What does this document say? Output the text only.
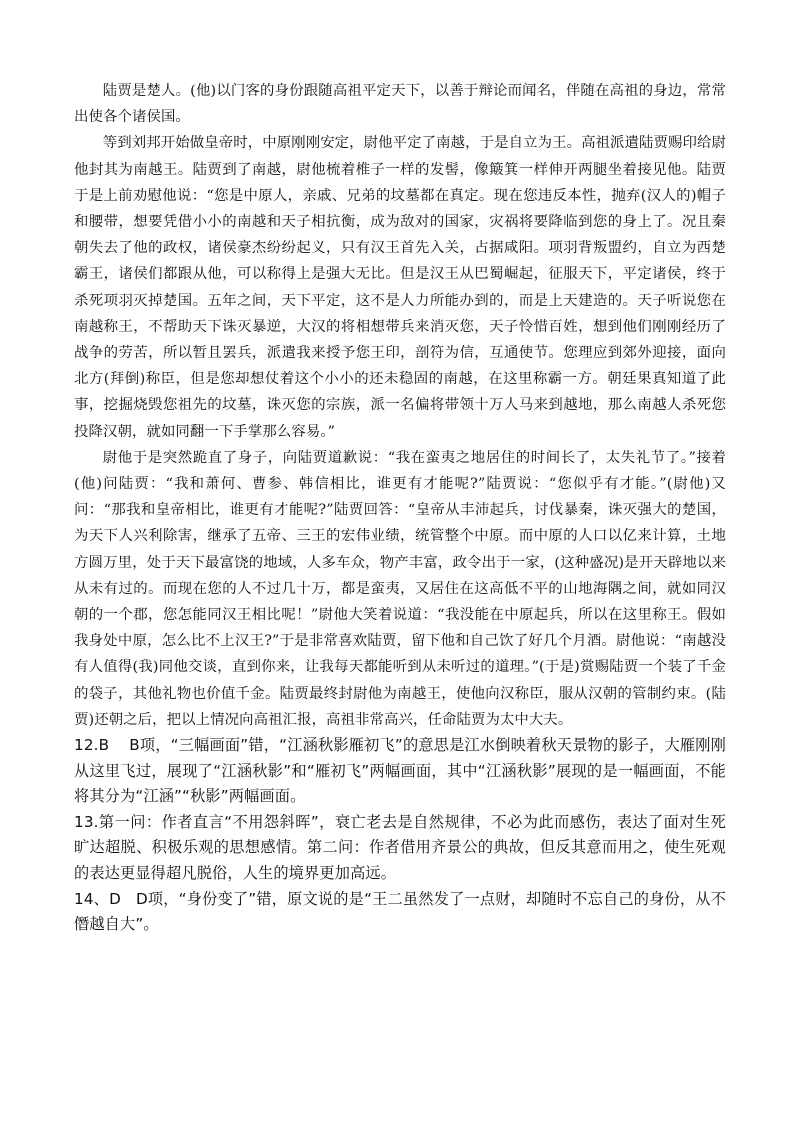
陆贾是楚人。(他)以门客的身份跟随高祖平定天下，以善于辩论而闻名，伴随在高祖的身边，常常出使各个诸侯国。

等到刘邦开始做皇帝时，中原刚刚安定，尉他平定了南越，于是自立为王。高祖派遣陆贾赐印给尉他封其为南越王。陆贾到了南越，尉他梳着椎子一样的发髻，像簸箕一样伸开两腿坐着接见他。陆贾于是上前劝慰他说：“您是中原人，亲戚、兄弟的坟墓都在真定。现在您违反本性，抛弃(汉人的)帽子和腰带，想要凭借小小的南越和天子相抗衡，成为敌对的国家，灾祸将要降临到您的身上了。况且秦朝失去了他的政权，诸侯豪杰纷纷起义，只有汉王首先入关，占据咸阳。项羽背叛盟约，自立为西楚霸王，诸侯们都跟从他，可以称得上是强大无比。但是汉王从巴蜀崛起，征服天下，平定诸侯，终于杀死项羽灭掉楚国。五年之间，天下平定，这不是人力所能办到的，而是上天建造的。天子听说您在南越称王，不帮助天下诛灭暴逆，大汉的将相想带兵来消灭您，天子怜惜百姓，想到他们刚刚经历了战争的劳苦，所以暂且罢兵，派遣我来授予您王印，剖符为信，互通使节。您理应到郊外迎接，面向北方(拜倒)称臣，但是您却想仗着这个小小的还未稳固的南越，在这里称霸一方。朝廷果真知道了此事，挖掘烧毁您祖先的坟墓，诛灭您的宗族，派一名偏将带领十万人马来到越地，那么南越人杀死您投降汉朝，就如同翻一下手掌那么容易。”

尉他于是突然跪直了身子，向陆贾道歉说：“我在蛮夷之地居住的时间长了，太失礼节了。”接着(他)问陆贾：“我和萧何、曹参、韩信相比，谁更有才能呢?”陆贾说：“您似乎有才能。”(尉他)又问：“那我和皇帝相比，谁更有才能呢?”陆贾回答：“皇帝从丰沛起兵，讨伐暴秦，诛灭强大的楚国，为天下人兴利除害，继承了五帝、三王的宏伟业绩，统管整个中原。而中原的人口以亿来计算，土地方圆万里，处于天下最富饶的地域，人多车众，物产丰富，政令出于一家，(这种盛况)是开天辟地以来从未有过的。而现在您的人不过几十万，都是蛮夷，又居住在这高低不平的山地海隅之间，就如同汉朝的一个郡，您怎能同汉王相比呢！”尉他大笑着说道：“我没能在中原起兵，所以在这里称王。假如我身处中原，怎么比不上汉王?”于是非常喜欢陆贾，留下他和自己饮了好几个月酒。尉他说：“南越没有人值得(我)同他交谈，直到你来，让我每天都能听到从未听过的道理。”(于是)赏赐陆贾一个装了千金的袋子，其他礼物也价值千金。陆贾最终封尉他为南越王，使他向汉称臣，服从汉朝的管制约束。(陆贾)还朝之后，把以上情况向高祖汇报，高祖非常高兴，任命陆贾为太中大夫。

12.B    B项，“三幅画面”错，“江涵秋影雁初飞”的意思是江水倒映着秋天景物的影子，大雁刚刚从这里飞过，展现了“江涵秋影”和“雁初飞”两幅画面，其中“江涵秋影”展现的是一幅画面，不能将其分为“江涵”“秋影”两幅画面。

13.第一问：作者直言“不用怨斜晖”，衰亡老去是自然规律，不必为此而感伤，表达了面对生死旷达超脱、积极乐观的思想感情。第二问：作者借用齐景公的典故，但反其意而用之，使生死观的表达更显得超凡脱俗，人生的境界更加高远。

14、D   D项，“身份变了”错，原文说的是“王二虽然发了一点财，却随时不忘自己的身份，从不僭越自大”。
